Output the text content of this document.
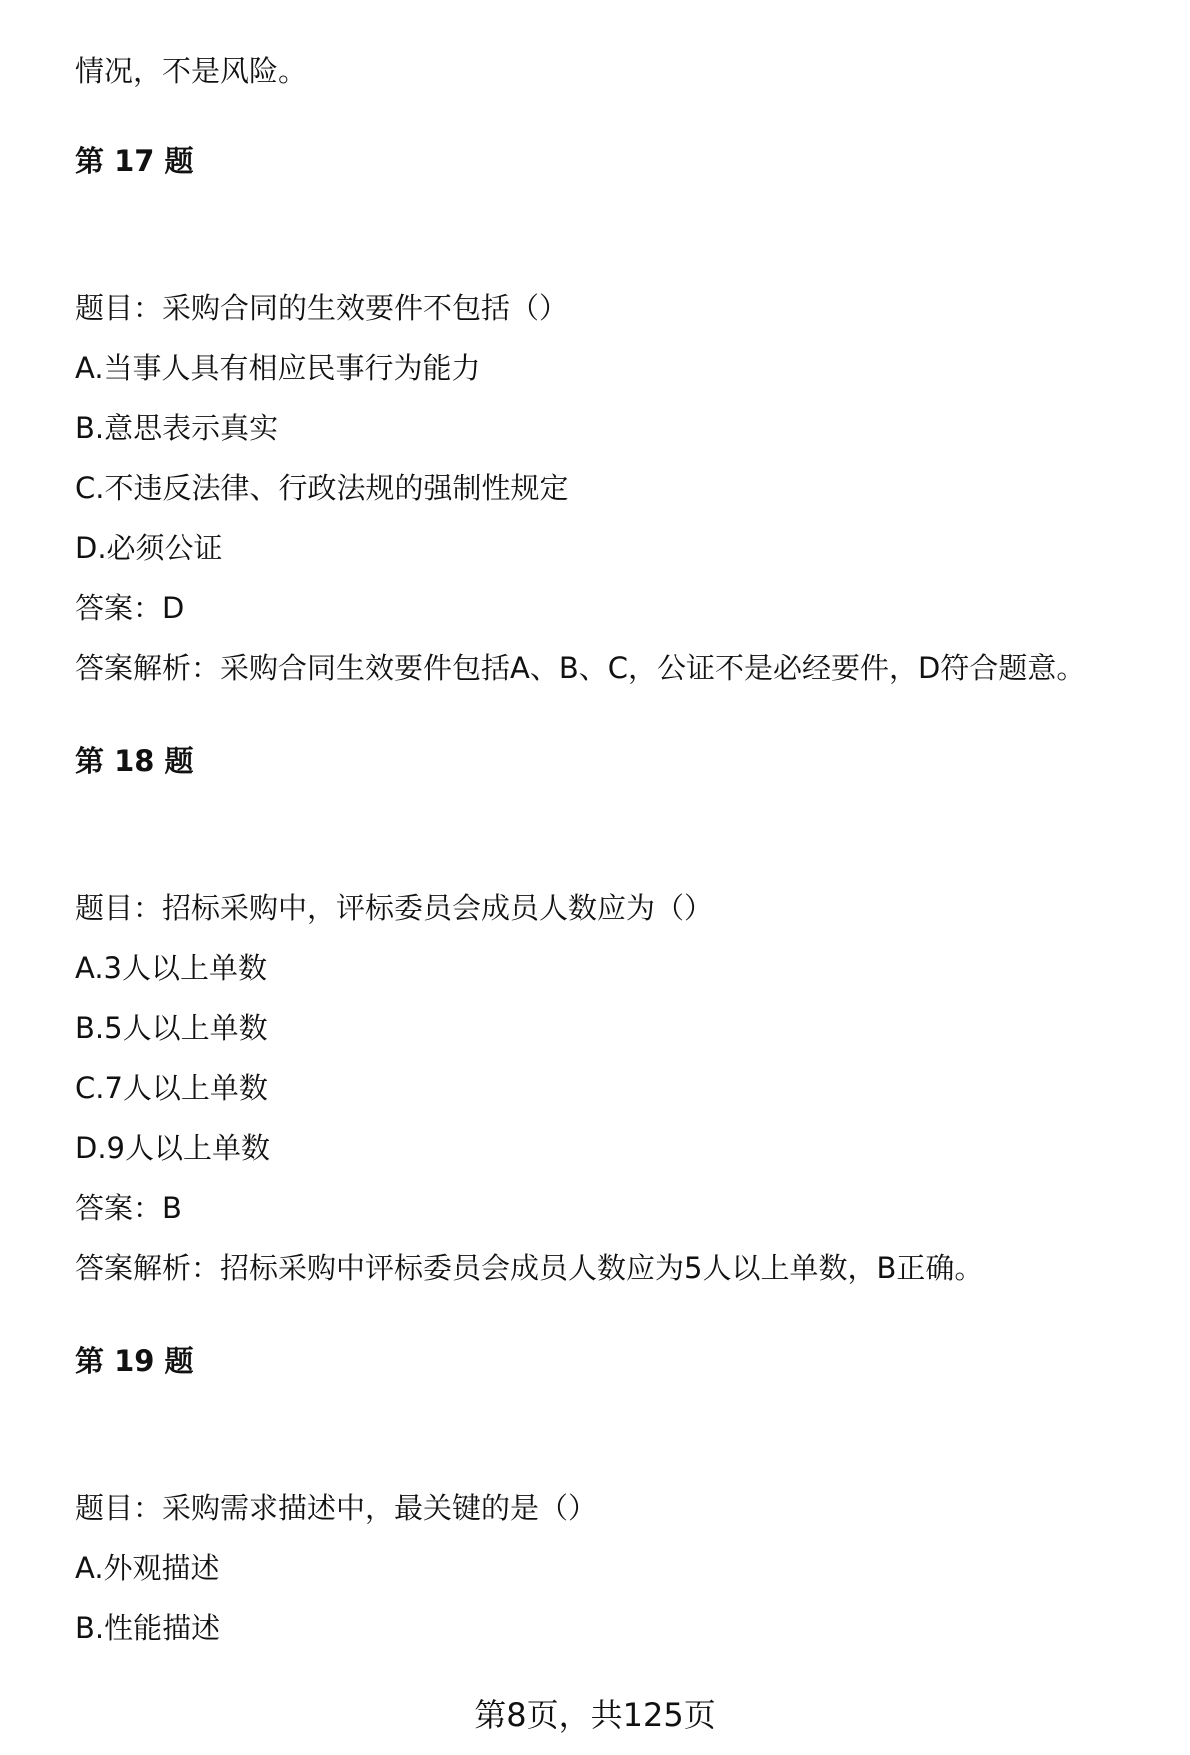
情况，不是风险。
第 17 题
题目：采购合同的生效要件不包括（）
A.当事人具有相应民事行为能力
B.意思表示真实
C.不违反法律、行政法规的强制性规定
D.必须公证
答案：D
答案解析：采购合同生效要件包括A、B、C，公证不是必经要件，D符合题意。
第 18 题
题目：招标采购中，评标委员会成员人数应为（）
A.3人以上单数
B.5人以上单数
C.7人以上单数
D.9人以上单数
答案：B
答案解析：招标采购中评标委员会成员人数应为5人以上单数，B正确。
第 19 题
题目：采购需求描述中，最关键的是（）
A.外观描述
B.性能描述
第8页，共125页
